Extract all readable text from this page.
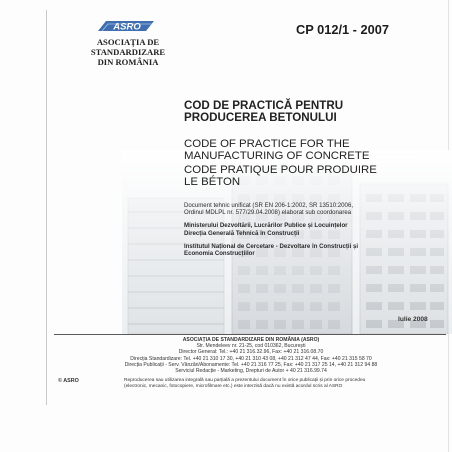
ASRO
ASOCIAȚIA DE
STANDARDIZARE
DIN ROMÂNIA
CP 012/1 - 2007
COD DE PRACTICĂ PENTRU
PRODUCEREA BETONULUI
CODE OF PRACTICE FOR THE
MANUFACTURING OF CONCRETE
CODE PRATIQUE POUR PRODUIRE
LE BÉTON
Document tehnic unificat (SR EN 206-1:2002, SR 13510:2006,
Ordinul MDLPL nr. 577/29.04.2008) elaborat sub coordonarea
Ministerului Dezvoltării, Lucrărilor Publice și Locuințelor
Direcția Generală Tehnică în Construcții
Institutul Național de Cercetare - Dezvoltare în Construcții și
Economia Construcțiilor
Iulie 2008
ASOCIAȚIA DE STANDARDIZARE DIN ROMÂNIA (ASRO)
Str. Mendeleev nr. 21-25, cod 010362, București
Director General: Tel.: +40 21 316.32.96, Fax: +40 21 316.08.70
Direcția Standardizare: Tel. +40 21 310 17 30, +40 21 310 43 08, +40 21 312 47 44, Fax: +40 21 315 58 70
Direcția Publicații - Serv. Vânzări/Abonamente: Tel. +40 21 316 77 25, Fax: +40 21 317 25 14, +40 21 312 94 88
Serviciul Redacție - Marketing, Drepturi de Autor + 40 21 316.99.74
© ASRO	Reproducerea sau utilizarea integrală sau parțială a prezentului document în orice publicații și prin orice procedeu
(electronic, mecanic, fotocopiere, microfilmare etc.) este interzisă dacă nu există acordul scris al ASRO
